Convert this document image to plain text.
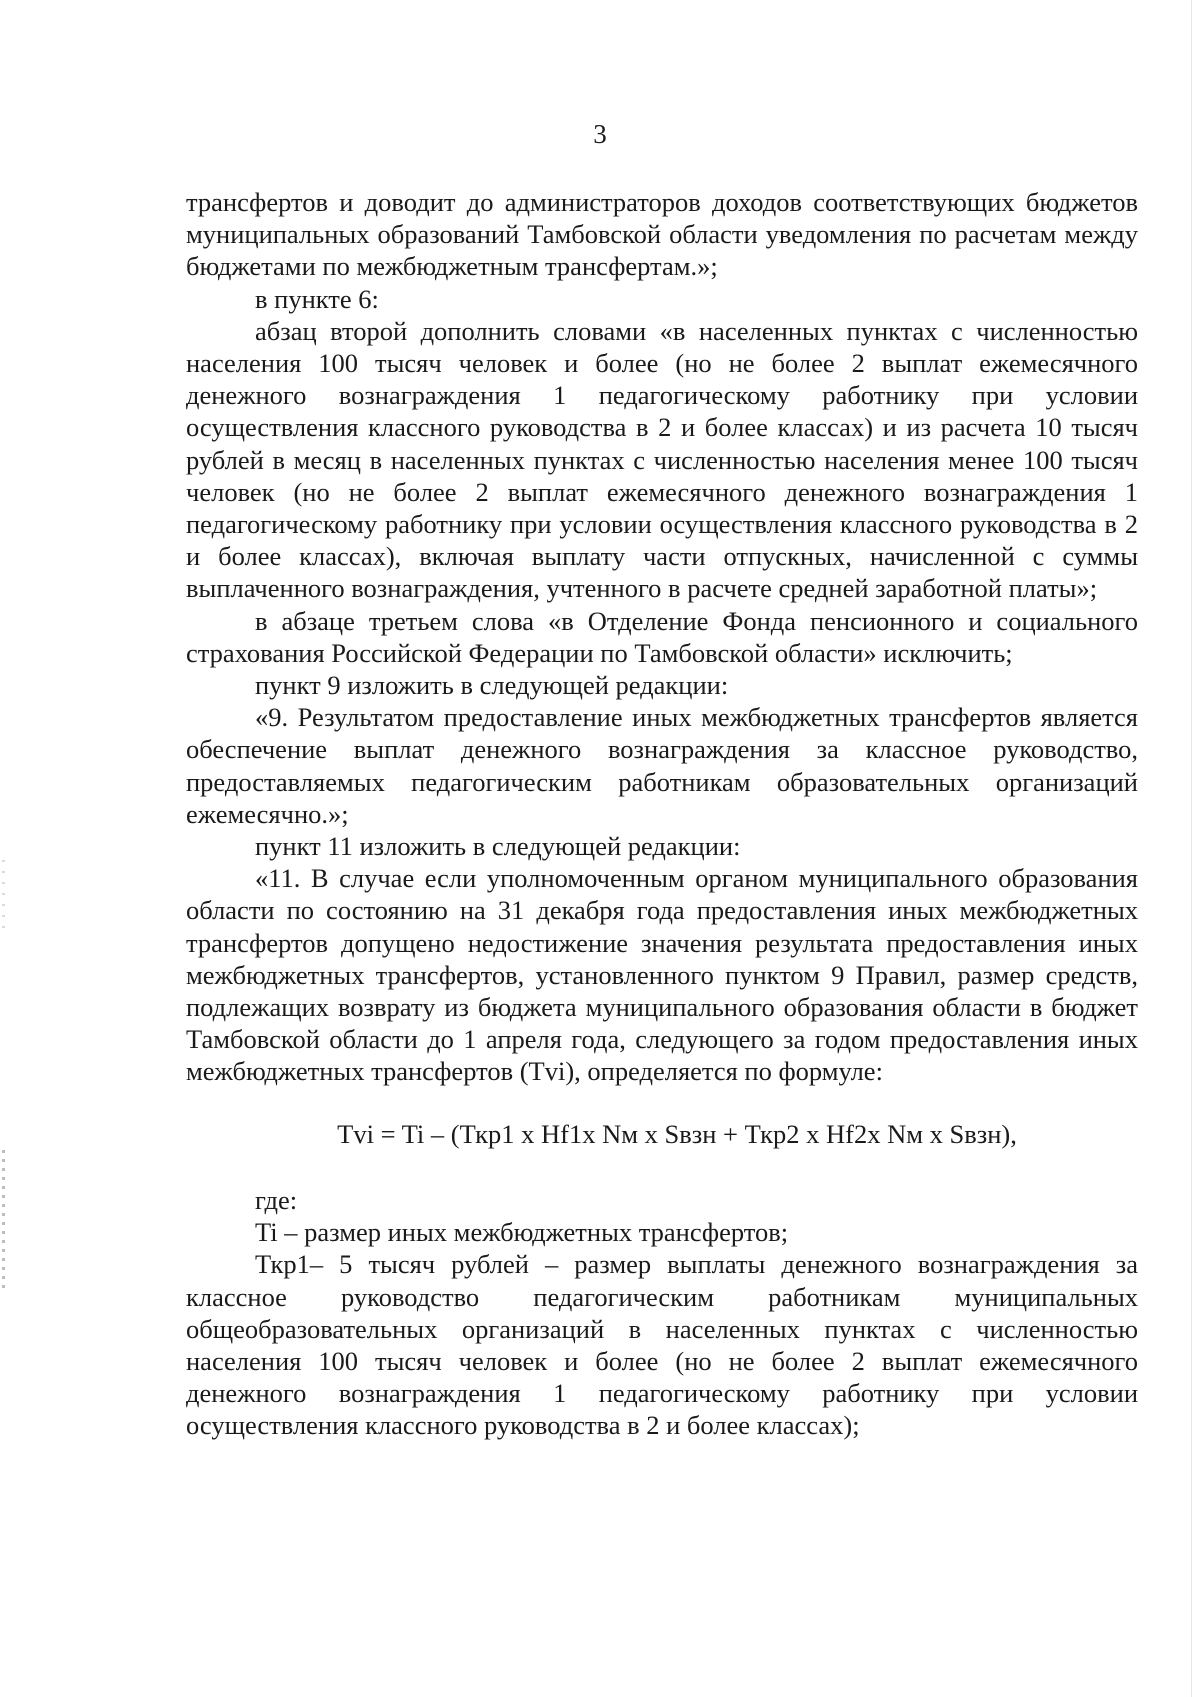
3

трансфертов и доводит до администраторов доходов соответствующих бюджетов муниципальных образований Тамбовской области уведомления по расчетам между бюджетами по межбюджетным трансфертам.»;

в пункте 6:

абзац второй дополнить словами «в населенных пунктах с численностью населения 100 тысяч человек и более (но не более 2 выплат ежемесячного денежного вознаграждения 1 педагогическому работнику при условии осуществления классного руководства в 2 и более классах) и из расчета 10 тысяч рублей в месяц в населенных пунктах с численностью населения менее 100 тысяч человек (но не более 2 выплат ежемесячного денежного вознаграждения 1 педагогическому работнику при условии осуществления классного руководства в 2 и более классах), включая выплату части отпускных, начисленной с суммы выплаченного вознаграждения, учтенного в расчете средней заработной платы»;

в абзаце третьем слова «в Отделение Фонда пенсионного и социального страхования Российской Федерации по Тамбовской области» исключить;

пункт 9 изложить в следующей редакции:

«9. Результатом предоставление иных межбюджетных трансфертов является обеспечение выплат денежного вознаграждения за классное руководство, предоставляемых педагогическим работникам образовательных организаций ежемесячно.»;

пункт 11 изложить в следующей редакции:

«11. В случае если уполномоченным органом муниципального образования области по состоянию на 31 декабря года предоставления иных межбюджетных трансфертов допущено недостижение значения результата предоставления иных межбюджетных трансфертов, установленного пунктом 9 Правил, размер средств, подлежащих возврату из бюджета муниципального образования области в бюджет Тамбовской области до 1 апреля года, следующего за годом предоставления иных межбюджетных трансфертов (Tvi), определяется по формуле:

Tvi = Ti – (Ткр1 х Hf1х Nм х Sвзн + Ткр2 х Hf2х Nм х Sвзн),

где:

Ti – размер иных межбюджетных трансфертов;

Ткр1– 5 тысяч рублей – размер выплаты денежного вознаграждения за классное руководство педагогическим работникам муниципальных общеобразовательных организаций в населенных пунктах с численностью населения 100 тысяч человек и более (но не более 2 выплат ежемесячного денежного вознаграждения 1 педагогическому работнику при условии осуществления классного руководства в 2 и более классах);
